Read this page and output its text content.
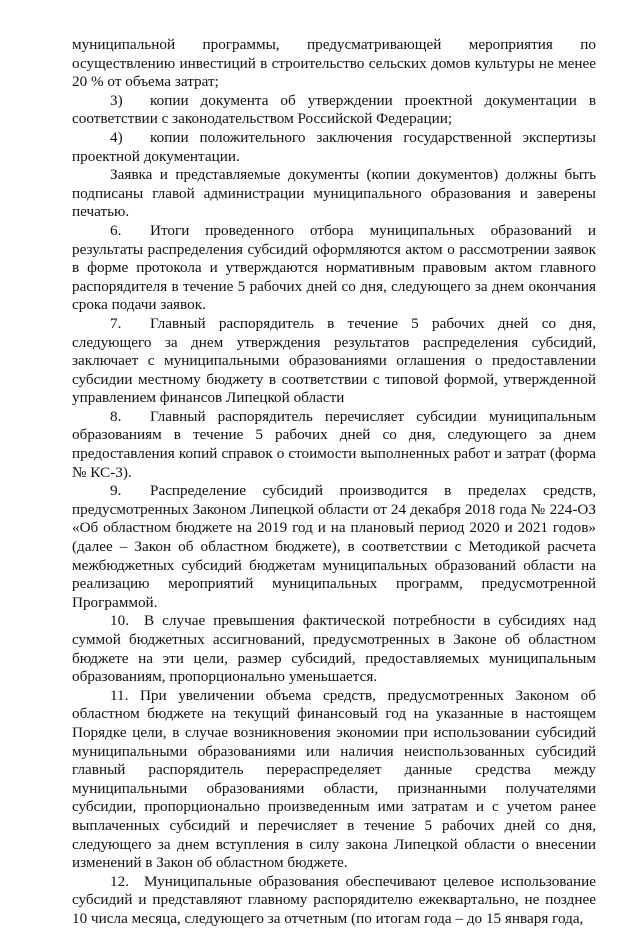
муниципальной программы, предусматривающей мероприятия по осуществлению инвестиций в строительство сельских домов культуры не менее 20 % от объема затрат;

3) копии документа об утверждении проектной документации в соответствии с законодательством Российской Федерации;

4) копии положительного заключения государственной экспертизы проектной документации.

Заявка и представляемые документы (копии документов) должны быть подписаны главой администрации муниципального образования и заверены печатью.

6. Итоги проведенного отбора муниципальных образований и результаты распределения субсидий оформляются актом о рассмотрении заявок в форме протокола и утверждаются нормативным правовым актом главного распорядителя в течение 5 рабочих дней со дня, следующего за днем окончания срока подачи заявок.

7. Главный распорядитель в течение 5 рабочих дней со дня, следующего за днем утверждения результатов распределения субсидий, заключает с муниципальными образованиями оглашения о предоставлении субсидии местному бюджету в соответствии с типовой формой, утвержденной управлением финансов Липецкой области

8. Главный распорядитель перечисляет субсидии муниципальным образованиям в течение 5 рабочих дней со дня, следующего за днем предоставления копий справок о стоимости выполненных работ и затрат (форма № КС-3).

9. Распределение субсидий производится в пределах средств, предусмотренных Законом Липецкой области от 24 декабря 2018 года № 224-ОЗ «Об областном бюджете на 2019 год и на плановый период 2020 и 2021 годов» (далее – Закон об областном бюджете), в соответствии с Методикой расчета межбюджетных субсидий бюджетам муниципальных образований области на реализацию мероприятий муниципальных программ, предусмотренной Программой.

10. В случае превышения фактической потребности в субсидиях над суммой бюджетных ассигнований, предусмотренных в Законе об областном бюджете на эти цели, размер субсидий, предоставляемых муниципальным образованиям, пропорционально уменьшается.

11. При увеличении объема средств, предусмотренных Законом об областном бюджете на текущий финансовый год на указанные в настоящем Порядке цели, в случае возникновения экономии при использовании субсидий муниципальными образованиями или наличия неиспользованных субсидий главный распорядитель перераспределяет данные средства между муниципальными образованиями области, признанными получателями субсидии, пропорционально произведенным ими затратам и с учетом ранее выплаченных субсидий и перечисляет в течение 5 рабочих дней со дня, следующего за днем вступления в силу закона Липецкой области о внесении изменений в Закон об областном бюджете.

12. Муниципальные образования обеспечивают целевое использование субсидий и представляют главному распорядителю ежеквартально, не позднее 10 числа месяца, следующего за отчетным (по итогам года – до 15 января года,
